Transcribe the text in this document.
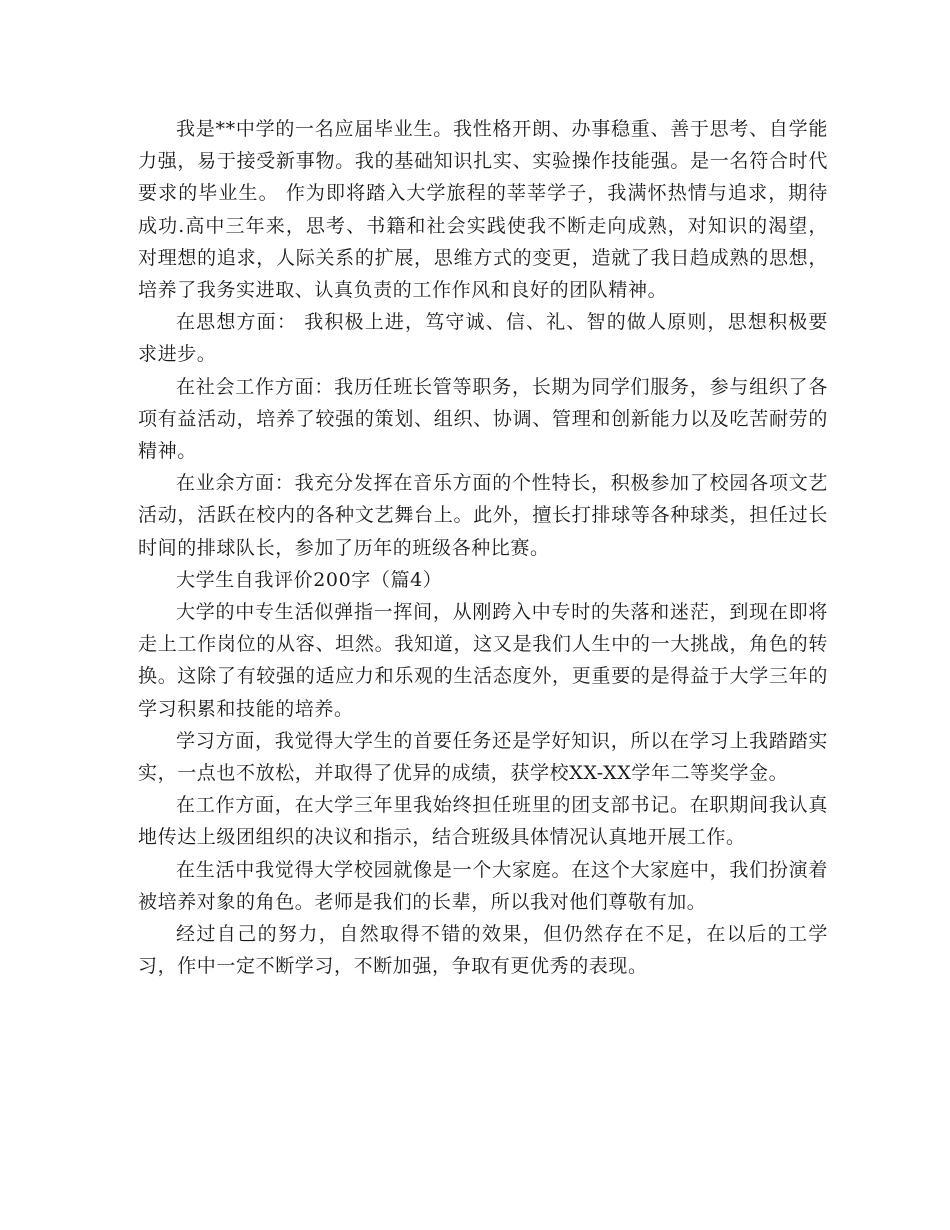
我是**中学的一名应届毕业生。我性格开朗、办事稳重、善于思考、自学能力强，易于接受新事物。我的基础知识扎实、实验操作技能强。是一名符合时代要求的毕业生。 作为即将踏入大学旅程的莘莘学子，我满怀热情与追求，期待成功.高中三年来，思考、书籍和社会实践使我不断走向成熟，对知识的渴望，对理想的追求，人际关系的扩展，思维方式的变更，造就了我日趋成熟的思想，培养了我务实进取、认真负责的工作作风和良好的团队精神。

在思想方面： 我积极上进，笃守诚、信、礼、智的做人原则，思想积极要求进步。

在社会工作方面：我历任班长管等职务，长期为同学们服务，参与组织了各项有益活动，培养了较强的策划、组织、协调、管理和创新能力以及吃苦耐劳的精神。

在业余方面：我充分发挥在音乐方面的个性特长，积极参加了校园各项文艺活动，活跃在校内的各种文艺舞台上。此外，擅长打排球等各种球类，担任过长时间的排球队长，参加了历年的班级各种比赛。

大学生自我评价200字（篇4）

大学的中专生活似弹指一挥间，从刚跨入中专时的失落和迷茫，到现在即将走上工作岗位的从容、坦然。我知道，这又是我们人生中的一大挑战，角色的转换。这除了有较强的适应力和乐观的生活态度外，更重要的是得益于大学三年的学习积累和技能的培养。

学习方面，我觉得大学生的首要任务还是学好知识，所以在学习上我踏踏实实，一点也不放松，并取得了优异的成绩，获学校XX-XX学年二等奖学金。

在工作方面，在大学三年里我始终担任班里的团支部书记。在职期间我认真地传达上级团组织的决议和指示，结合班级具体情况认真地开展工作。

在生活中我觉得大学校园就像是一个大家庭。在这个大家庭中，我们扮演着被培养对象的角色。老师是我们的长辈，所以我对他们尊敬有加。

经过自己的努力，自然取得不错的效果，但仍然存在不足，在以后的工学习，作中一定不断学习，不断加强，争取有更优秀的表现。
